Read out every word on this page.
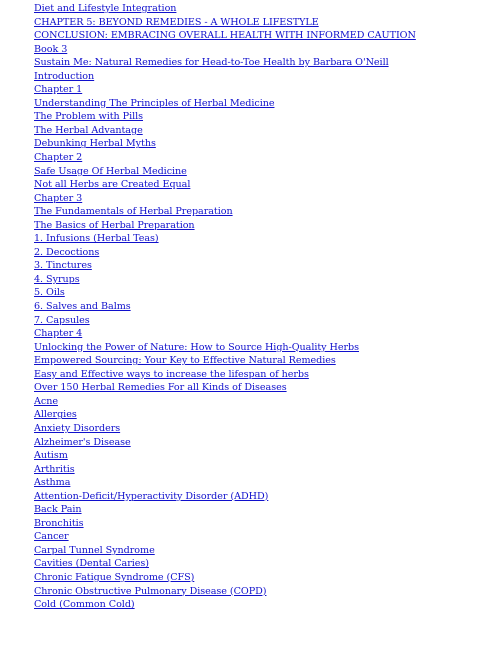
Diet and Lifestyle Integration
CHAPTER 5: BEYOND REMEDIES - A WHOLE LIFESTYLE
CONCLUSION: EMBRACING OVERALL HEALTH WITH INFORMED CAUTION
Book 3
Sustain Me: Natural Remedies for Head-to-Toe Health by Barbara O'Neill
Introduction
Chapter 1
Understanding The Principles of Herbal Medicine
The Problem with Pills
The Herbal Advantage
Debunking Herbal Myths
Chapter 2
Safe Usage Of Herbal Medicine
Not all Herbs are Created Equal
Chapter 3
The Fundamentals of Herbal Preparation
The Basics of Herbal Preparation
1. Infusions (Herbal Teas)
2. Decoctions
3. Tinctures
4. Syrups
5. Oils
6. Salves and Balms
7. Capsules
Chapter 4
Unlocking the Power of Nature: How to Source High-Quality Herbs
Empowered Sourcing: Your Key to Effective Natural Remedies
Easy and Effective ways to increase the lifespan of herbs
Over 150 Herbal Remedies For all Kinds of Diseases
Acne
Allergies
Anxiety Disorders
Alzheimer's Disease
Autism
Arthritis
Asthma
Attention-Deficit/Hyperactivity Disorder (ADHD)
Back Pain
Bronchitis
Cancer
Carpal Tunnel Syndrome
Cavities (Dental Caries)
Chronic Fatigue Syndrome (CFS)
Chronic Obstructive Pulmonary Disease (COPD)
Cold (Common Cold)
